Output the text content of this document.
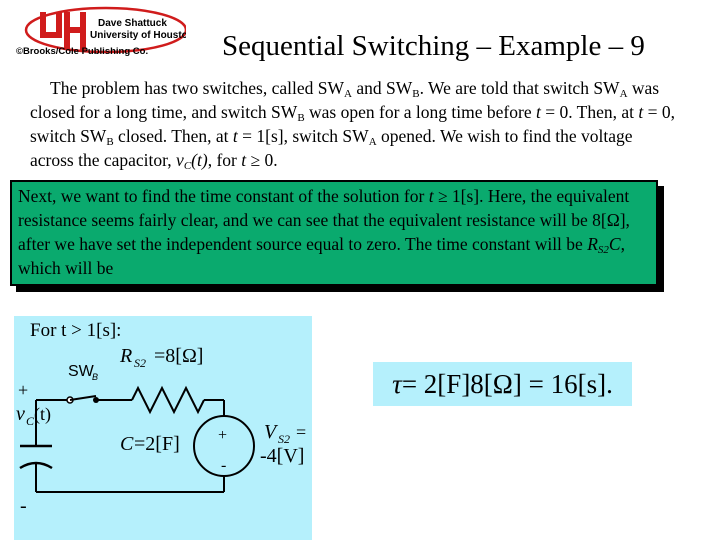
Dave Shattuck
University of Houston
©Brooks/Cole Publishing Co.	Sequential Switching – Example – 9

The problem has two switches, called $SW_A$ and $SW_B$. We are told that switch $SW_A$ was closed for a long time, and switch $SW_B$ was open for a long time before t = 0. Then, at t = 0, switch $SW_B$ closed. Then, at t = 1[s], switch $SW_A$ opened. We wish to find the voltage across the capacitor, $v_C(t)$, for t ≥ 0.

Next, we want to find the time constant of the solution for t ≥ 1[s]. Here, the equivalent resistance seems fairly clear, and we can see that the equivalent resistance will be 8[Ω], after we have set the independent source equal to zero. The time constant will be $R_{S2}C$, which will be

For t > 1[s]:
SW
B
R S2 =8[Ω]
C =2[F]
+
v C (t)
-
+
-
V S2 =
-4[V]
τ = 2[F]8[Ω] = 16[s].
